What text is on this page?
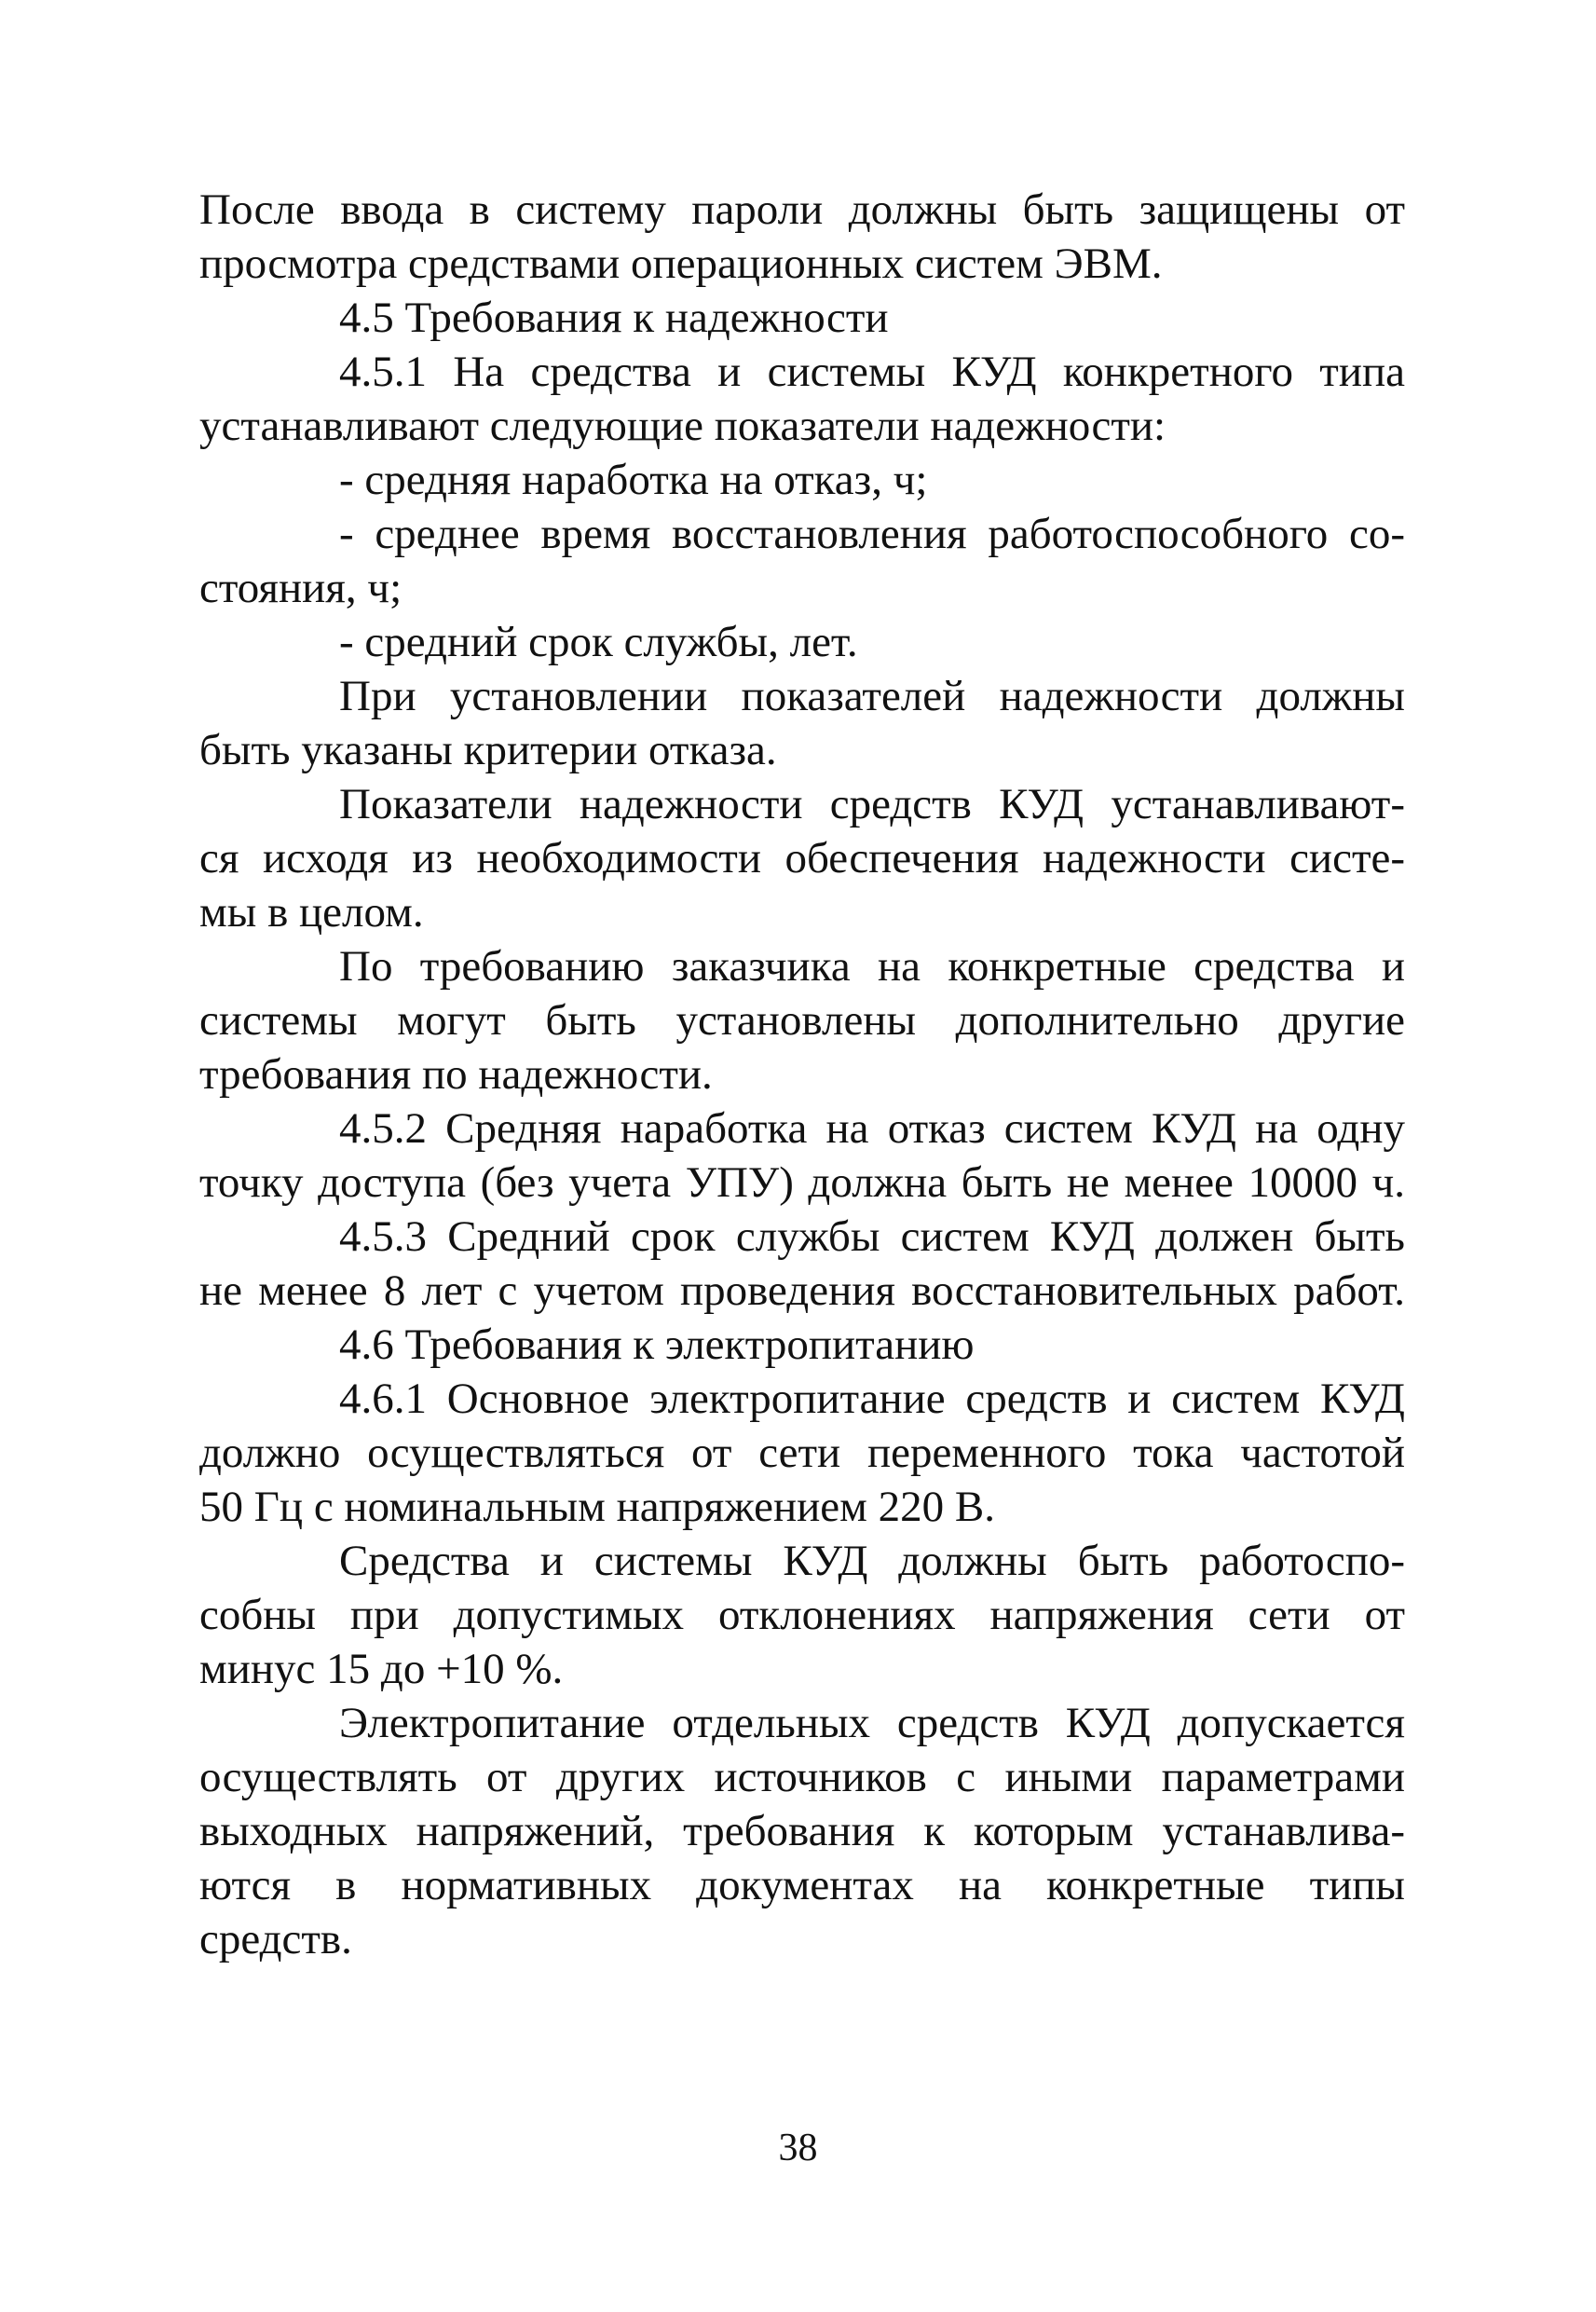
После ввода в систему пароли должны быть защищены от
просмотра средствами операционных систем ЭВМ.
4.5 Требования к надежности
4.5.1 На средства и системы КУД конкретного типа
устанавливают следующие показатели надежности:
- средняя наработка на отказ, ч;
- среднее время восстановления работоспособного со-
стояния, ч;
- средний срок службы, лет.
При установлении показателей надежности должны
быть указаны критерии отказа.
Показатели надежности средств КУД устанавливают-
ся исходя из необходимости обеспечения надежности систе-
мы в целом.
По требованию заказчика на конкретные средства и
системы могут быть установлены дополнительно другие
требования по надежности.
4.5.2 Средняя наработка на отказ систем КУД на одну
точку доступа (без учета УПУ) должна быть не менее 10000 ч.
4.5.3 Средний срок службы систем КУД должен быть
не менее 8 лет с учетом проведения восстановительных работ.
4.6 Требования к электропитанию
4.6.1 Основное электропитание средств и систем КУД
должно осуществляться от сети переменного тока частотой
50 Гц с номинальным напряжением 220 В.
Средства и системы КУД должны быть работоспо-
собны при допустимых отклонениях напряжения сети от
минус 15 до +10 %.
Электропитание отдельных средств КУД допускается
осуществлять от других источников с иными параметрами
выходных напряжений, требования к которым устанавлива-
ются в нормативных документах на конкретные типы
средств.
38
